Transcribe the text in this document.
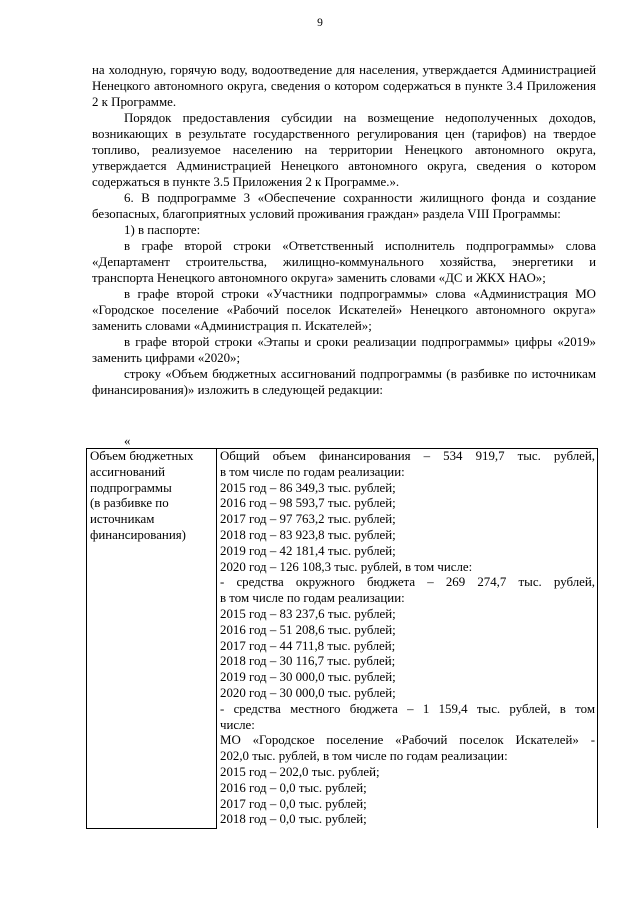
9

на холодную, горячую воду, водоотведение для населения, утверждается Администрацией Ненецкого автономного округа, сведения о котором содержаться в пункте 3.4 Приложения 2 к Программе.

Порядок предоставления субсидии на возмещение недополученных доходов, возникающих в результате государственного регулирования цен (тарифов) на твердое топливо, реализуемое населению на территории Ненецкого автономного округа, утверждается Администрацией Ненецкого автономного округа, сведения о котором содержаться в пункте 3.5 Приложения 2 к Программе.».

6. В подпрограмме 3 «Обеспечение сохранности жилищного фонда и создание безопасных, благоприятных условий проживания граждан» раздела VIII Программы:

1) в паспорте:

в графе второй строки «Ответственный исполнитель подпрограммы» слова «Департамент строительства, жилищно-коммунального хозяйства, энергетики и транспорта Ненецкого автономного округа» заменить словами «ДС и ЖКХ НАО»;

в графе второй строки «Участники подпрограммы» слова «Администрация МО «Городское поселение «Рабочий поселок Искателей» Ненецкого автономного округа» заменить словами «Администрация п. Искателей»;

в графе второй строки «Этапы и сроки реализации подпрограммы» цифры «2019» заменить цифрами «2020»;

строку «Объем бюджетных ассигнований подпрограммы (в разбивке по источникам финансирования)» изложить в следующей редакции:

«
Объем бюджетных
ассигнований
подпрограммы
(в разбивке по
источникам
финансирования)

Общий объем финансирования – 534 919,7 тыс. рублей,
в том числе по годам реализации:
2015 год – 86 349,3 тыс. рублей;
2016 год – 98 593,7 тыс. рублей;
2017 год – 97 763,2 тыс. рублей;
2018 год – 83 923,8 тыс. рублей;
2019 год – 42 181,4 тыс. рублей;
2020 год – 126 108,3 тыс. рублей, в том числе:
- средства окружного бюджета – 269 274,7 тыс. рублей,
в том числе по годам реализации:
2015 год – 83 237,6 тыс. рублей;
2016 год – 51 208,6 тыс. рублей;
2017 год – 44 711,8 тыс. рублей;
2018 год – 30 116,7 тыс. рублей;
2019 год – 30 000,0 тыс. рублей;
2020 год – 30 000,0 тыс. рублей;
- средства местного бюджета – 1 159,4 тыс. рублей, в том
числе:
МО «Городское поселение «Рабочий поселок Искателей» -
202,0 тыс. рублей, в том числе по годам реализации:
2015 год – 202,0 тыс. рублей;
2016 год – 0,0 тыс. рублей;
2017 год – 0,0 тыс. рублей;
2018 год – 0,0 тыс. рублей;
